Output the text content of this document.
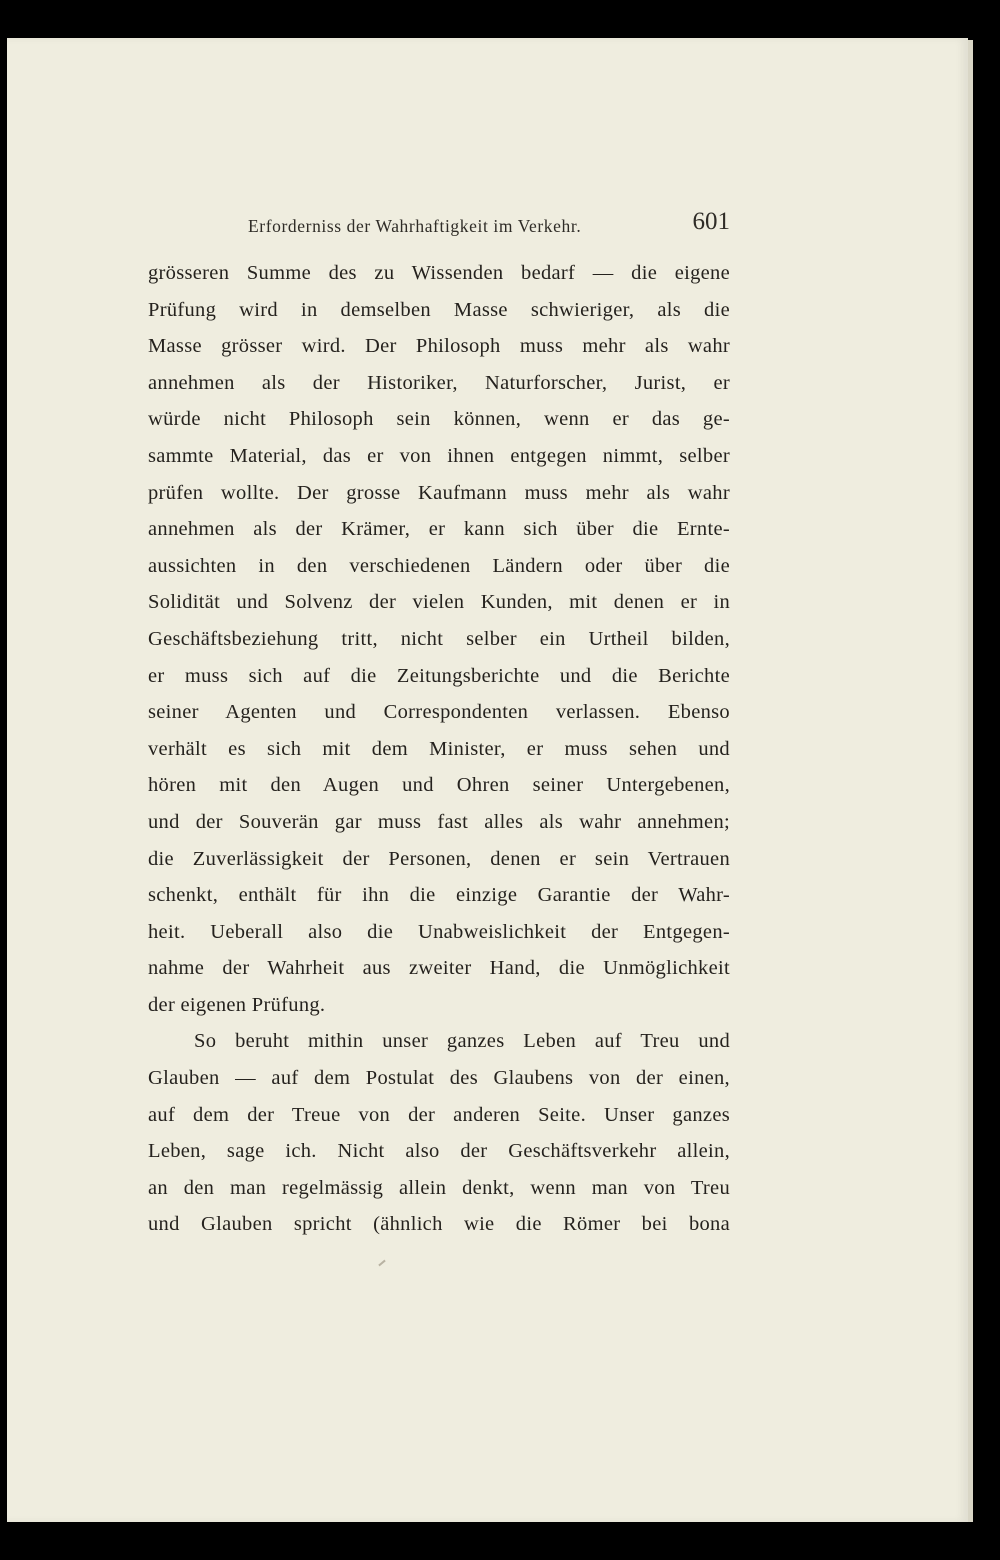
Erforderniss der Wahrhaftigkeit im Verkehr.	601
grösseren Summe des zu Wissenden bedarf — die eigene
Prüfung wird in demselben Masse schwieriger, als die
Masse grösser wird. Der Philosoph muss mehr als wahr
annehmen als der Historiker, Naturforscher, Jurist, er
würde nicht Philosoph sein können, wenn er das ge-
sammte Material, das er von ihnen entgegen nimmt, selber
prüfen wollte. Der grosse Kaufmann muss mehr als wahr
annehmen als der Krämer, er kann sich über die Ernte-
aussichten in den verschiedenen Ländern oder über die
Solidität und Solvenz der vielen Kunden, mit denen er in
Geschäftsbeziehung tritt, nicht selber ein Urtheil bilden,
er muss sich auf die Zeitungsberichte und die Berichte
seiner Agenten und Correspondenten verlassen. Ebenso
verhält es sich mit dem Minister, er muss sehen und
hören mit den Augen und Ohren seiner Untergebenen,
und der Souverän gar muss fast alles als wahr annehmen;
die Zuverlässigkeit der Personen, denen er sein Vertrauen
schenkt, enthält für ihn die einzige Garantie der Wahr-
heit. Ueberall also die Unabweislichkeit der Entgegen-
nahme der Wahrheit aus zweiter Hand, die Unmöglichkeit
der eigenen Prüfung.
So beruht mithin unser ganzes Leben auf Treu und
Glauben — auf dem Postulat des Glaubens von der einen,
auf dem der Treue von der anderen Seite. Unser ganzes
Leben, sage ich. Nicht also der Geschäftsverkehr allein,
an den man regelmässig allein denkt, wenn man von Treu
und Glauben spricht (ähnlich wie die Römer bei bona
